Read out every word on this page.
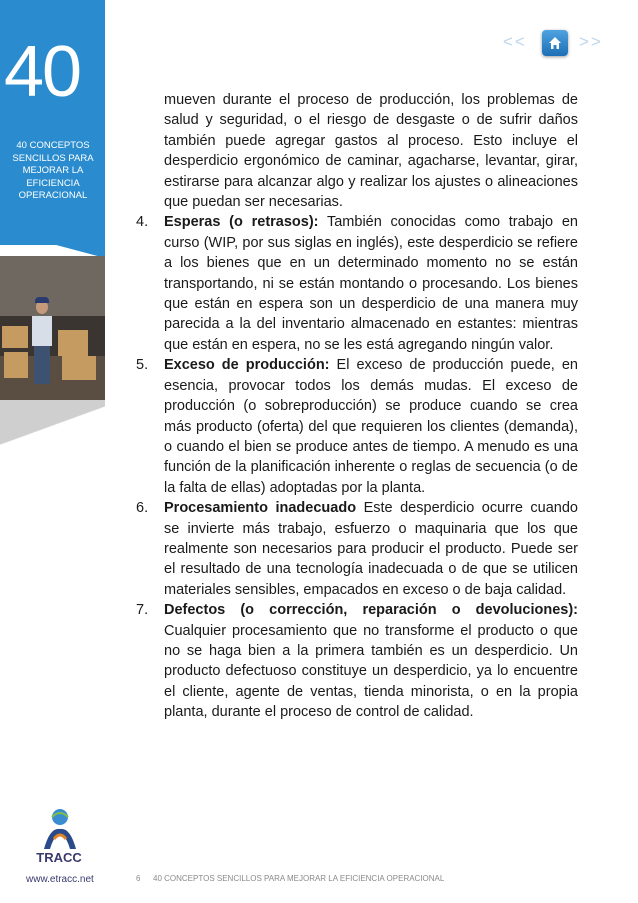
40
40 CONCEPTOS SENCILLOS PARA MEJORAR LA EFICIENCIA OPERACIONAL
TRACC
www.etracc.net
<<	>>

mueven durante el proceso de producción, los problemas de salud y seguridad, o el riesgo de desgaste o de sufrir daños también puede agregar gastos al proceso. Esto incluye el desperdicio ergonómico de caminar, agacharse, levantar, girar, estirarse para alcanzar algo y realizar los ajustes o alineaciones que puedan ser necesarias.

4. Esperas (o retrasos): También conocidas como trabajo en curso (WIP, por sus siglas en inglés), este desperdicio se refiere a los bienes que en un determinado momento no se están transportando, ni se están montando o procesando. Los bienes que están en espera son un desperdicio de una manera muy parecida a la del inventario almacenado en estantes: mientras que están en espera, no se les está agregando ningún valor.
5. Exceso de producción: El exceso de producción puede, en esencia, provocar todos los demás mudas. El exceso de producción (o sobreproducción) se produce cuando se crea más producto (oferta) del que requieren los clientes (demanda), o cuando el bien se produce antes de tiempo. A menudo es una función de la planificación inherente o reglas de secuencia (o de la falta de ellas) adoptadas por la planta.
6. Procesamiento inadecuado Este desperdicio ocurre cuando se invierte más trabajo, esfuerzo o maquinaria que los que realmente son necesarios para producir el producto. Puede ser el resultado de una tecnología inadecuada o de que se utilicen materiales sensibles, empacados en exceso o de baja calidad.
7. Defectos (o corrección, reparación o devoluciones): Cualquier procesamiento que no transforme el producto o que no se haga bien a la primera también es un desperdicio. Un producto defectuoso constituye un desperdicio, ya lo encuentre el cliente, agente de ventas, tienda minorista, o en la propia planta, durante el proceso de control de calidad.
6 40 CONCEPTOS SENCILLOS PARA MEJORAR LA EFICIENCIA OPERACIONAL
